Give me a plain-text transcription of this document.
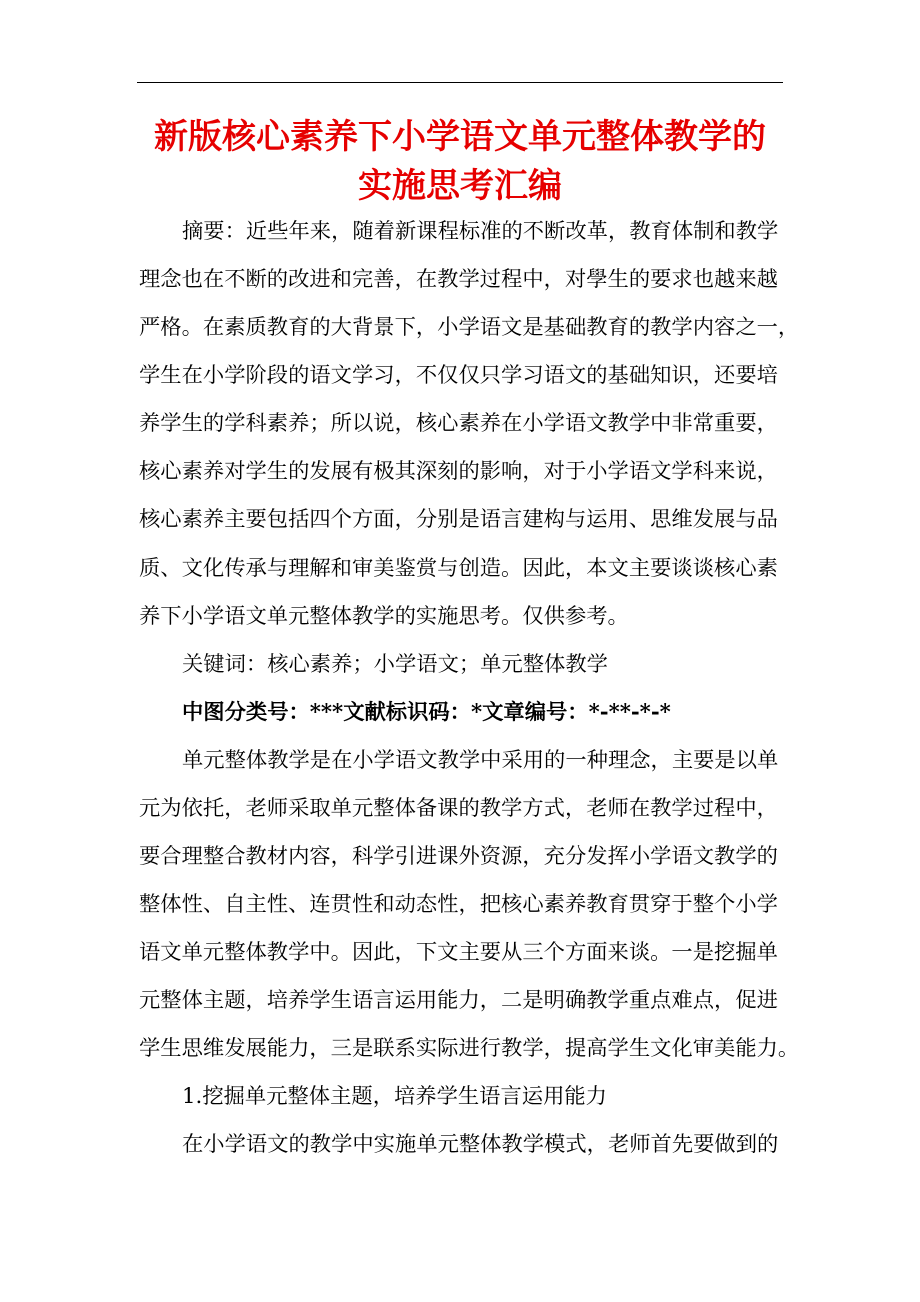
新版核心素养下小学语文单元整体教学的
实施思考汇编
摘要：近些年来，随着新课程标准的不断改革，教育体制和教学
理念也在不断的改进和完善，在教学过程中，对學生的要求也越来越
严格。在素质教育的大背景下，小学语文是基础教育的教学内容之一，
学生在小学阶段的语文学习，不仅仅只学习语文的基础知识，还要培
养学生的学科素养；所以说，核心素养在小学语文教学中非常重要，
核心素养对学生的发展有极其深刻的影响，对于小学语文学科来说，
核心素养主要包括四个方面，分别是语言建构与运用、思维发展与品
质、文化传承与理解和审美鉴赏与创造。因此，本文主要谈谈核心素
养下小学语文单元整体教学的实施思考。仅供参考。
关键词：核心素养；小学语文；单元整体教学
中图分类号：***文献标识码：*文章编号：*-**-*-*
单元整体教学是在小学语文教学中采用的一种理念，主要是以单
元为依托，老师采取单元整体备课的教学方式，老师在教学过程中，
要合理整合教材内容，科学引进课外资源，充分发挥小学语文教学的
整体性、自主性、连贯性和动态性，把核心素养教育贯穿于整个小学
语文单元整体教学中。因此，下文主要从三个方面来谈。一是挖掘单
元整体主题，培养学生语言运用能力，二是明确教学重点难点，促进
学生思维发展能力，三是联系实际进行教学，提高学生文化审美能力。
1.挖掘单元整体主题，培养学生语言运用能力
在小学语文的教学中实施单元整体教学模式，老师首先要做到的
